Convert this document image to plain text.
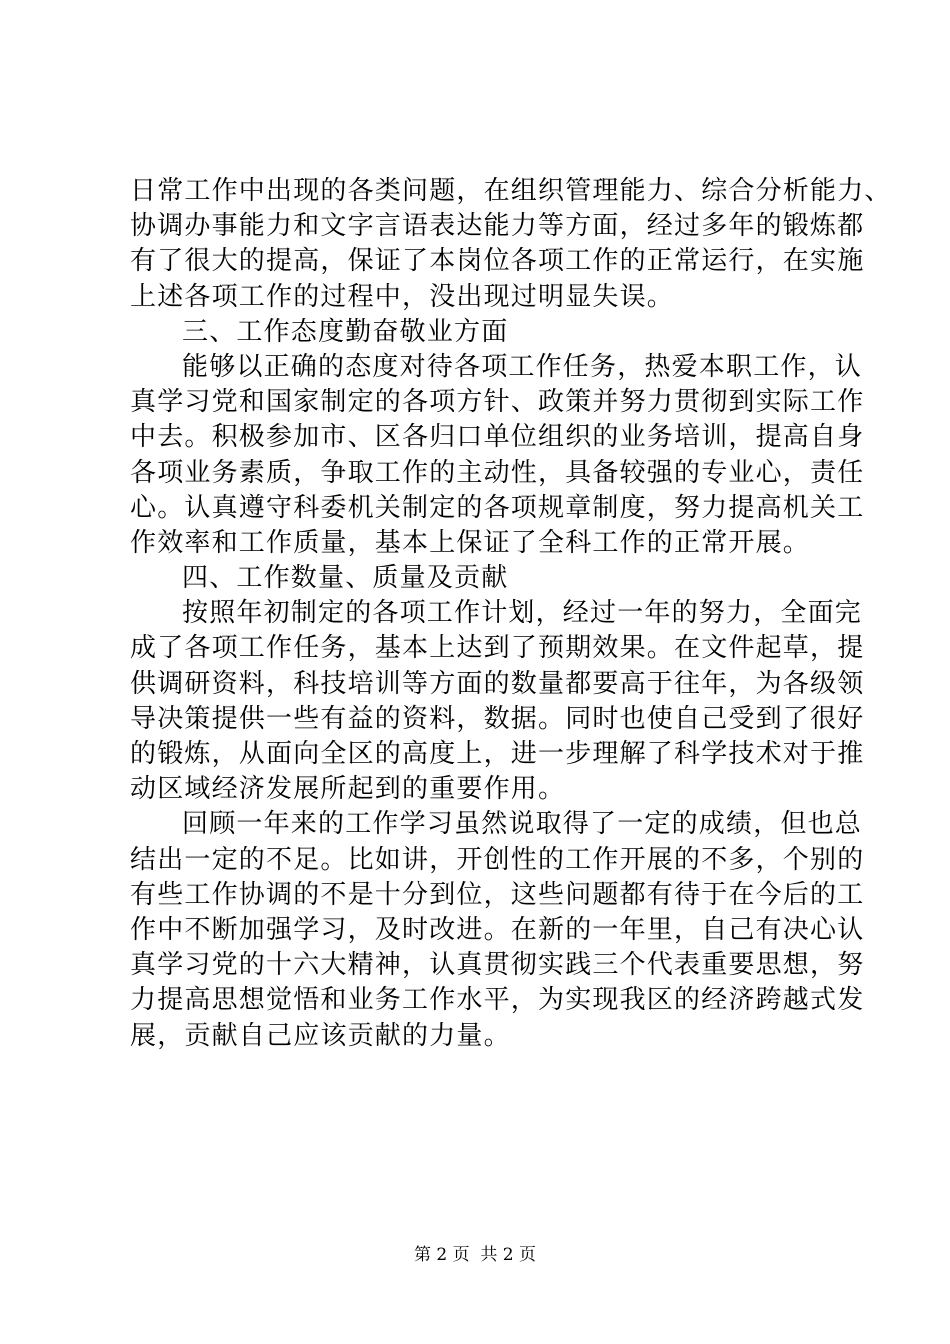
日常工作中出现的各类问题，在组织管理能力、综合分析能力、
协调办事能力和文字言语表达能力等方面，经过多年的锻炼都
有了很大的提高，保证了本岗位各项工作的正常运行，在实施
上述各项工作的过程中，没出现过明显失误。
三、工作态度勤奋敬业方面
能够以正确的态度对待各项工作任务，热爱本职工作，认
真学习党和国家制定的各项方针、政策并努力贯彻到实际工作
中去。积极参加市、区各归口单位组织的业务培训，提高自身
各项业务素质，争取工作的主动性，具备较强的专业心，责任
心。认真遵守科委机关制定的各项规章制度，努力提高机关工
作效率和工作质量，基本上保证了全科工作的正常开展。
四、工作数量、质量及贡献
按照年初制定的各项工作计划，经过一年的努力，全面完
成了各项工作任务，基本上达到了预期效果。在文件起草，提
供调研资料，科技培训等方面的数量都要高于往年，为各级领
导决策提供一些有益的资料，数据。同时也使自己受到了很好
的锻炼，从面向全区的高度上，进一步理解了科学技术对于推
动区域经济发展所起到的重要作用。
回顾一年来的工作学习虽然说取得了一定的成绩，但也总
结出一定的不足。比如讲，开创性的工作开展的不多，个别的
有些工作协调的不是十分到位，这些问题都有待于在今后的工
作中不断加强学习，及时改进。在新的一年里，自己有决心认
真学习党的十六大精神，认真贯彻实践三个代表重要思想，努
力提高思想觉悟和业务工作水平，为实现我区的经济跨越式发
展，贡献自己应该贡献的力量。
第 2 页  共 2 页
